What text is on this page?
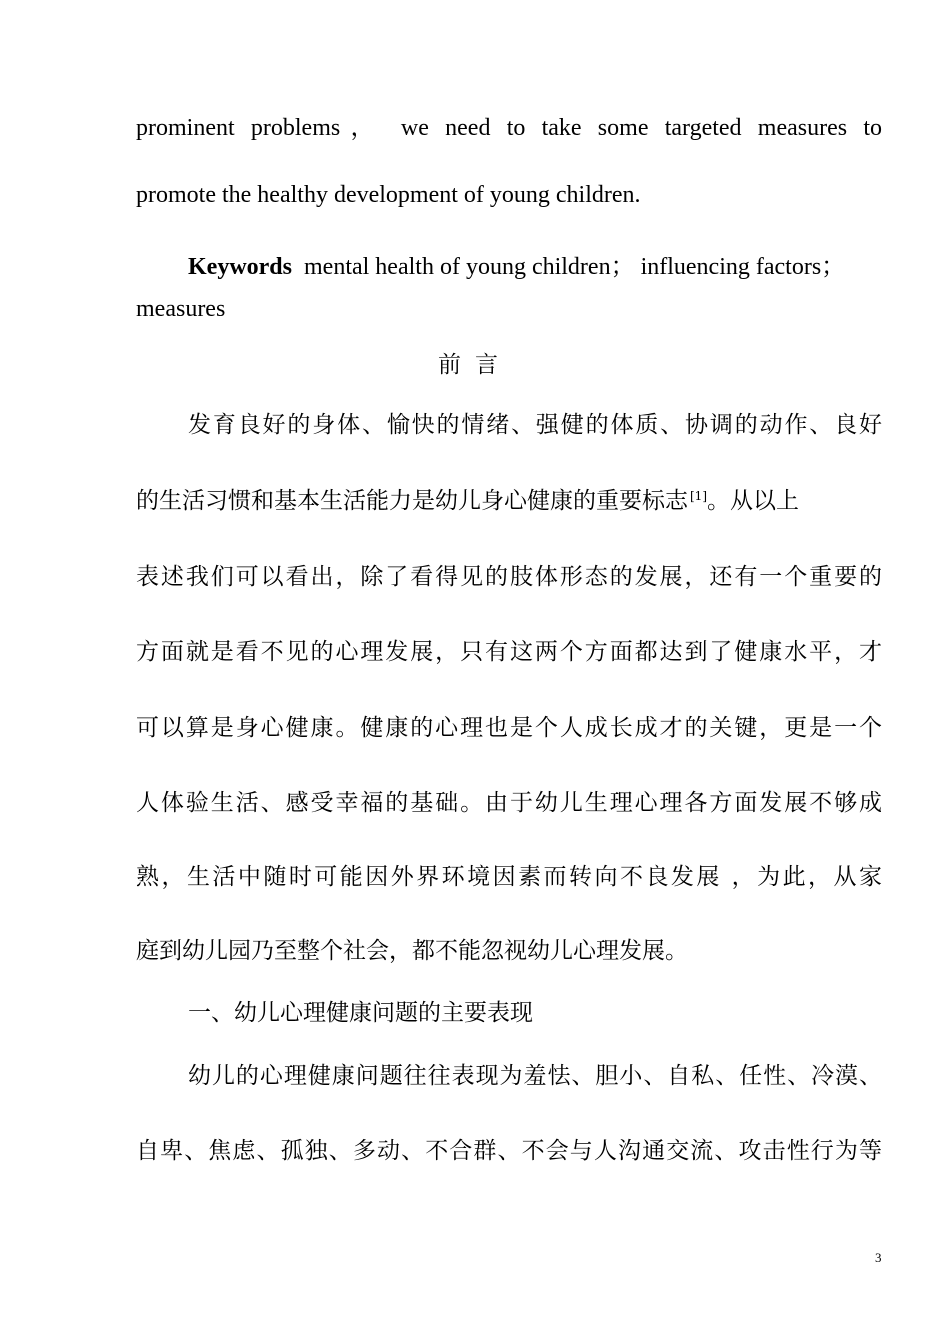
prominent problems， we need to take some targeted measures to
promote the healthy development of young children.
Keywords mental health of young children； influencing factors；
measures
前言
发育良好的身体、愉快的情绪、强健的体质、协调的动作、良好
的生活习惯和基本生活能力是幼儿身心健康的重要标志 [1]。从以上
表述我们可以看出，除了看得见的肢体形态的发展，还有一个重要的
方面就是看不见的心理发展，只有这两个方面都达到了健康水平，才
可以算是身心健康。健康的心理也是个人成长成才的关键，更是一个
人体验生活、感受幸福的基础。由于幼儿生理心理各方面发展不够成
熟，生活中随时可能因外界环境因素而转向不良发展 ，为此，从家
庭到幼儿园乃至整个社会，都不能忽视幼儿心理发展。
一、幼儿心理健康问题的主要表现
幼儿的心理健康问题往往表现为羞怯、胆小、自私、任性、冷漠、
自卑、焦虑、孤独、多动、不合群、不会与人沟通交流、攻击性行为等
3
